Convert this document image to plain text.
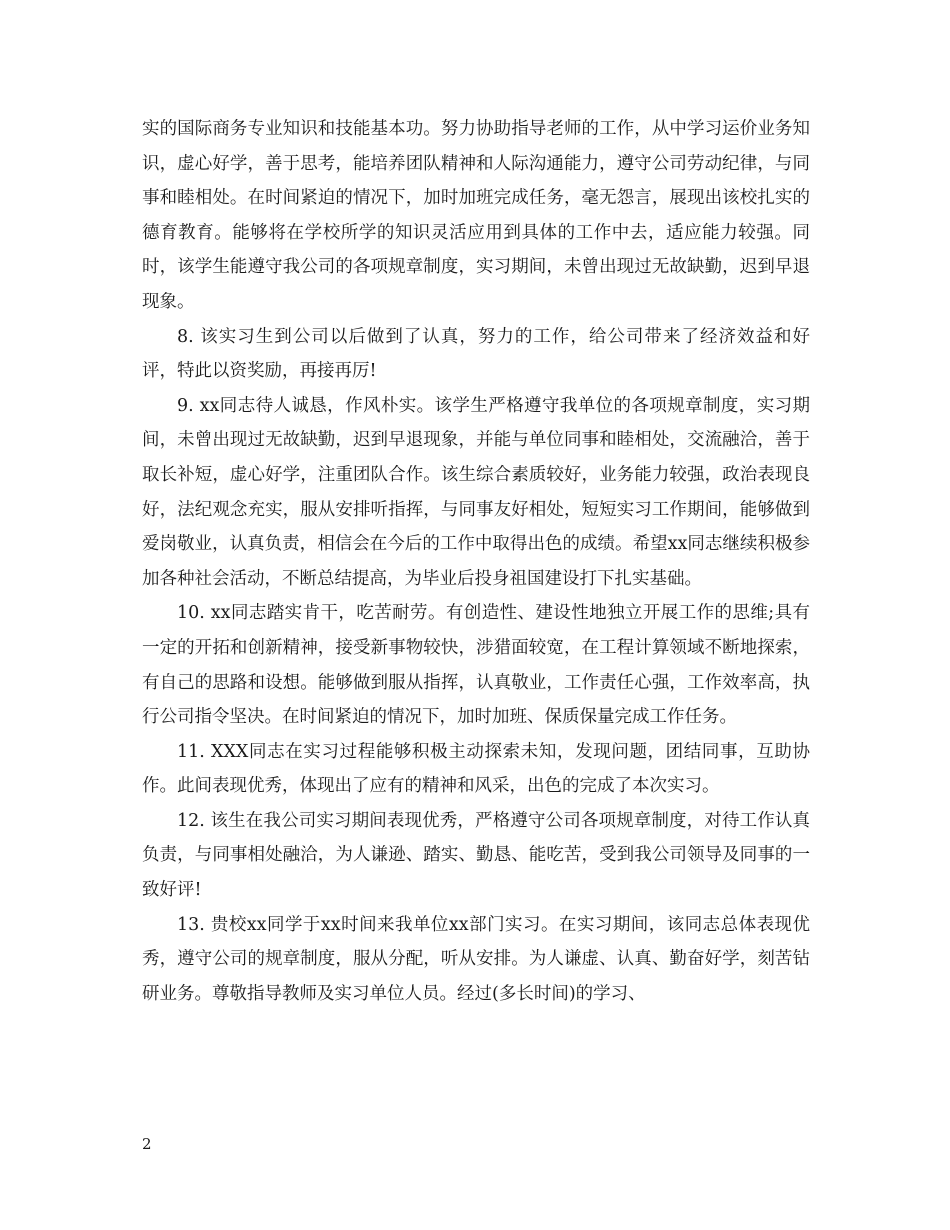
实的国际商务专业知识和技能基本功。努力协助指导老师的工作，从中学习运价业务知识，虚心好学，善于思考，能培养团队精神和人际沟通能力，遵守公司劳动纪律，与同事和睦相处。在时间紧迫的情况下，加时加班完成任务，毫无怨言，展现出该校扎实的德育教育。能够将在学校所学的知识灵活应用到具体的工作中去，适应能力较强。同时，该学生能遵守我公司的各项规章制度，实习期间，未曾出现过无故缺勤，迟到早退现象。

8. 该实习生到公司以后做到了认真，努力的工作，给公司带来了经济效益和好评，特此以资奖励，再接再厉!

9. xx同志待人诚恳，作风朴实。该学生严格遵守我单位的各项规章制度，实习期间，未曾出现过无故缺勤，迟到早退现象，并能与单位同事和睦相处，交流融洽，善于取长补短，虚心好学，注重团队合作。该生综合素质较好，业务能力较强，政治表现良好，法纪观念充实，服从安排听指挥，与同事友好相处，短短实习工作期间，能够做到爱岗敬业，认真负责，相信会在今后的工作中取得出色的成绩。希望xx同志继续积极参加各种社会活动，不断总结提高，为毕业后投身祖国建设打下扎实基础。

10. xx同志踏实肯干，吃苦耐劳。有创造性、建设性地独立开展工作的思维;具有一定的开拓和创新精神，接受新事物较快，涉猎面较宽，在工程计算领域不断地探索，有自己的思路和设想。能够做到服从指挥，认真敬业，工作责任心强，工作效率高，执行公司指令坚决。在时间紧迫的情况下，加时加班、保质保量完成工作任务。

11. XXX同志在实习过程能够积极主动探索未知，发现问题，团结同事，互助协作。此间表现优秀，体现出了应有的精神和风采，出色的完成了本次实习。

12. 该生在我公司实习期间表现优秀，严格遵守公司各项规章制度，对待工作认真负责，与同事相处融洽，为人谦逊、踏实、勤恳、能吃苦，受到我公司领导及同事的一致好评!

13. 贵校xx同学于xx时间来我单位xx部门实习。在实习期间，该同志总体表现优秀，遵守公司的规章制度，服从分配，听从安排。为人谦虚、认真、勤奋好学，刻苦钻研业务。尊敬指导教师及实习单位人员。经过(多长时间)的学习、

2
